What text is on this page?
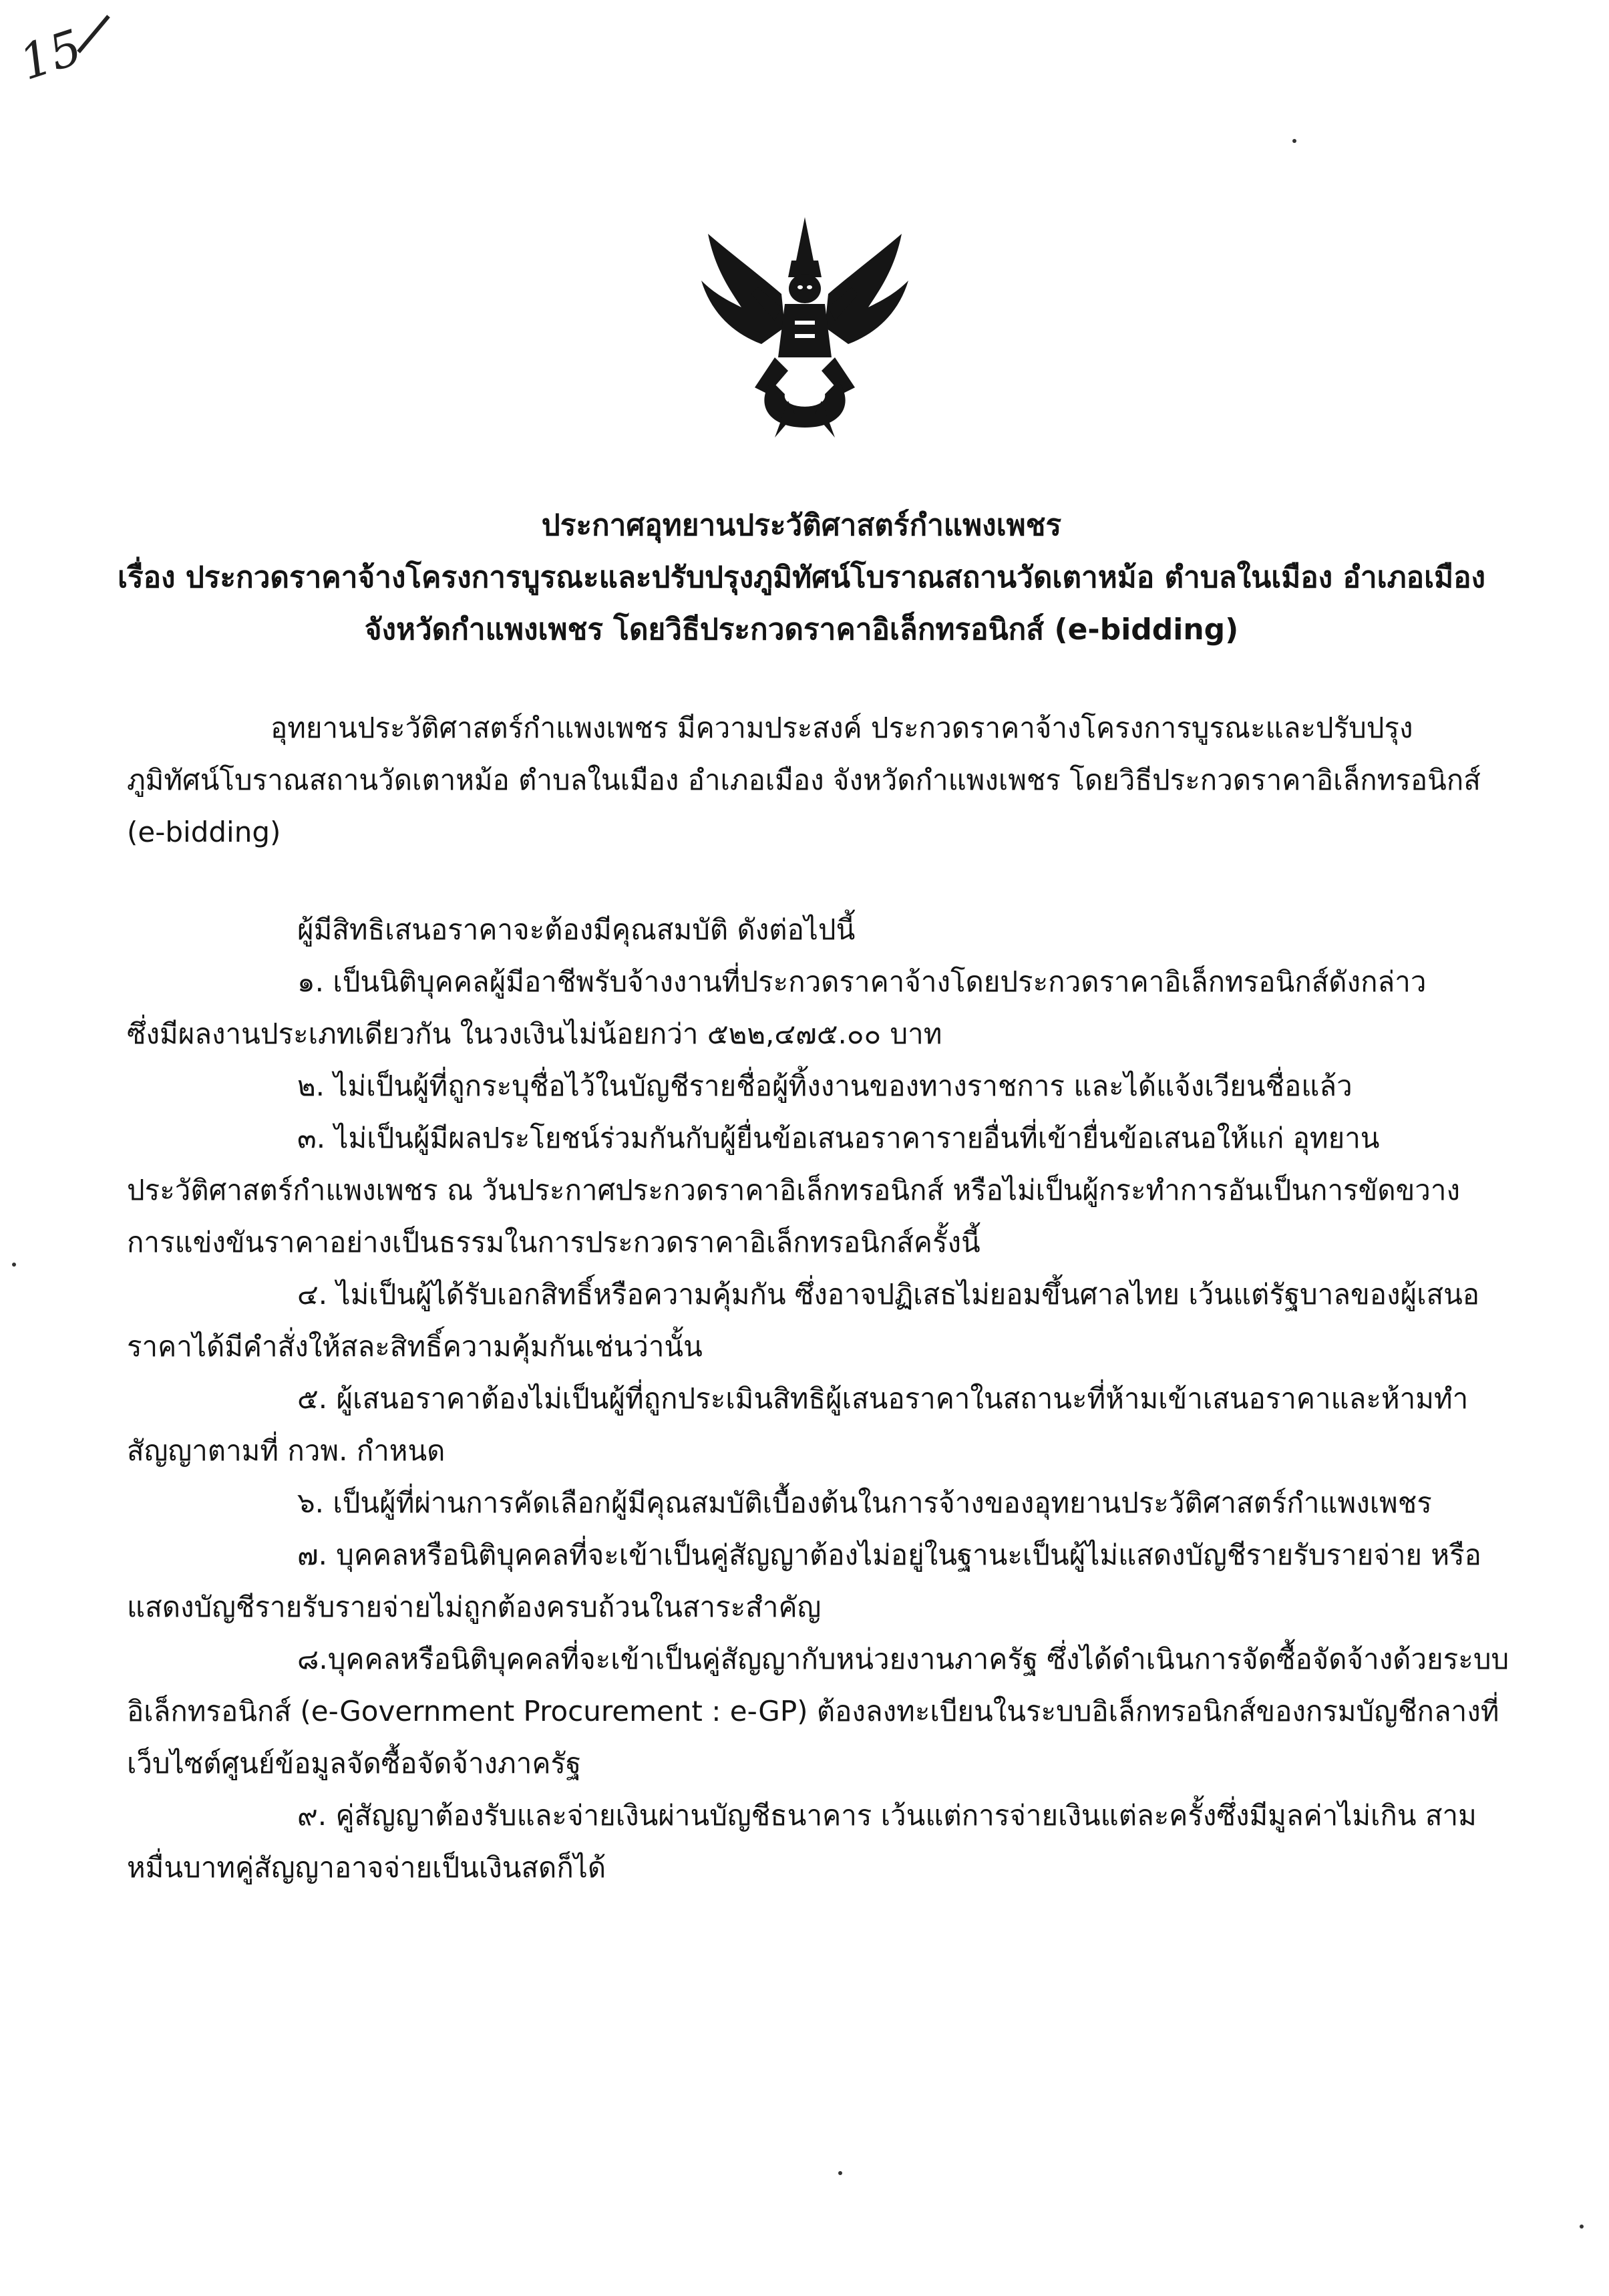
15
ประกาศอุทยานประวัติศาสตร์กำแพงเพชร
เรื่อง ประกวดราคาจ้างโครงการบูรณะและปรับปรุงภูมิทัศน์โบราณสถานวัดเตาหม้อ ตำบลในเมือง อำเภอเมือง
จังหวัดกำแพงเพชร โดยวิธีประกวดราคาอิเล็กทรอนิกส์ (e-bidding)
อุทยานประวัติศาสตร์กำแพงเพชร มีความประสงค์ ประกวดราคาจ้างโครงการบูรณะและปรับปรุง
ภูมิทัศน์โบราณสถานวัดเตาหม้อ ตำบลในเมือง อำเภอเมือง จังหวัดกำแพงเพชร โดยวิธีประกวดราคาอิเล็กทรอนิกส์
(e-bidding)
ผู้มีสิทธิเสนอราคาจะต้องมีคุณสมบัติ ดังต่อไปนี้
๑. เป็นนิติบุคคลผู้มีอาชีพรับจ้างงานที่ประกวดราคาจ้างโดยประกวดราคาอิเล็กทรอนิกส์ดังกล่าว
ซึ่งมีผลงานประเภทเดียวกัน ในวงเงินไม่น้อยกว่า ๕๒๒,๔๗๕.๐๐ บาท
๒. ไม่เป็นผู้ที่ถูกระบุชื่อไว้ในบัญชีรายชื่อผู้ทิ้งงานของทางราชการ และได้แจ้งเวียนชื่อแล้ว
๓. ไม่เป็นผู้มีผลประโยชน์ร่วมกันกับผู้ยื่นข้อเสนอราคารายอื่นที่เข้ายื่นข้อเสนอให้แก่ อุทยาน
ประวัติศาสตร์กำแพงเพชร ณ วันประกาศประกวดราคาอิเล็กทรอนิกส์ หรือไม่เป็นผู้กระทำการอันเป็นการขัดขวาง
การแข่งขันราคาอย่างเป็นธรรมในการประกวดราคาอิเล็กทรอนิกส์ครั้งนี้
๔. ไม่เป็นผู้ได้รับเอกสิทธิ์หรือความคุ้มกัน ซึ่งอาจปฏิเสธไม่ยอมขึ้นศาลไทย เว้นแต่รัฐบาลของผู้เสนอ
ราคาได้มีคำสั่งให้สละสิทธิ์ความคุ้มกันเช่นว่านั้น
๕. ผู้เสนอราคาต้องไม่เป็นผู้ที่ถูกประเมินสิทธิผู้เสนอราคาในสถานะที่ห้ามเข้าเสนอราคาและห้ามทำ
สัญญาตามที่ กวพ. กำหนด
๖. เป็นผู้ที่ผ่านการคัดเลือกผู้มีคุณสมบัติเบื้องต้นในการจ้างของอุทยานประวัติศาสตร์กำแพงเพชร
๗. บุคคลหรือนิติบุคคลที่จะเข้าเป็นคู่สัญญาต้องไม่อยู่ในฐานะเป็นผู้ไม่แสดงบัญชีรายรับรายจ่าย หรือ
แสดงบัญชีรายรับรายจ่ายไม่ถูกต้องครบถ้วนในสาระสำคัญ
๘.บุคคลหรือนิติบุคคลที่จะเข้าเป็นคู่สัญญากับหน่วยงานภาครัฐ ซึ่งได้ดำเนินการจัดซื้อจัดจ้างด้วยระบบ
อิเล็กทรอนิกส์ (e-Government Procurement : e-GP) ต้องลงทะเบียนในระบบอิเล็กทรอนิกส์ของกรมบัญชีกลางที่
เว็บไซต์ศูนย์ข้อมูลจัดซื้อจัดจ้างภาครัฐ
๙. คู่สัญญาต้องรับและจ่ายเงินผ่านบัญชีธนาคาร เว้นแต่การจ่ายเงินแต่ละครั้งซึ่งมีมูลค่าไม่เกิน สาม
หมื่นบาทคู่สัญญาอาจจ่ายเป็นเงินสดก็ได้
